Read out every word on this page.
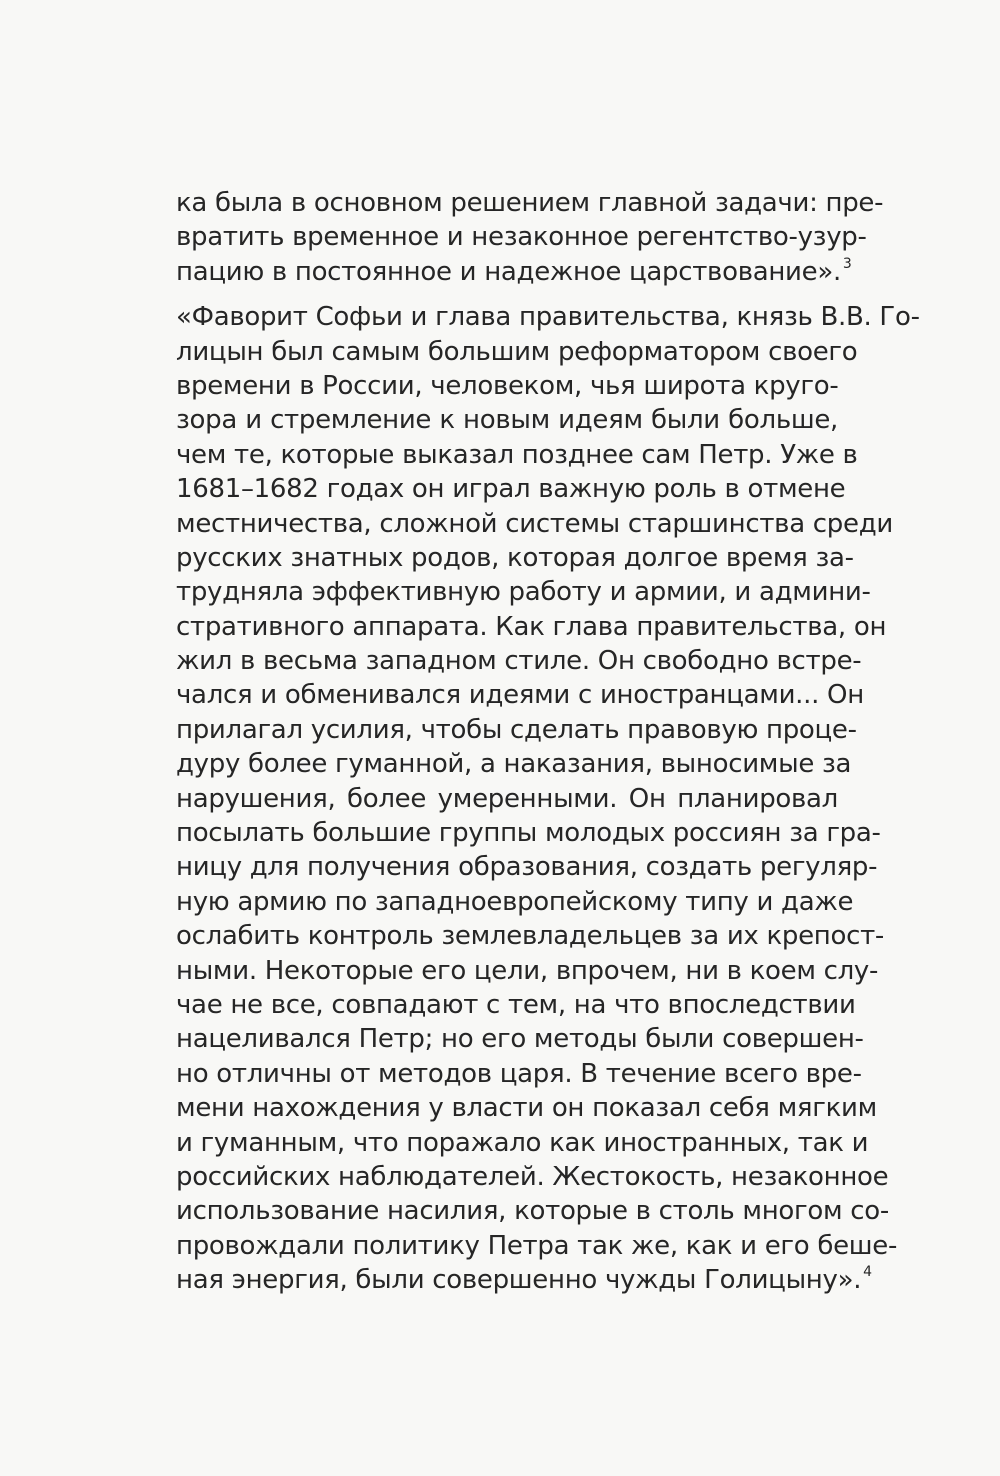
ка была в основном решением главной задачи: пре-
вратить временное и незаконное регентство-узур-
пацию в постоянное и надежное царствование». $^3$
«Фаворит Софьи и глава правительства, князь В.В. Го-
лицын был самым большим реформатором своего
времени в России, человеком, чья широта круго-
зора и стремление к новым идеям были больше,
чем те, которые выказал позднее сам Петр. Уже в
1681–1682 годах он играл важную роль в отмене
местничества, сложной системы старшинства среди
русских знатных родов, которая долгое время за-
трудняла эффективную работу и армии, и админи-
стративного аппарата. Как глава правительства, он
жил в весьма западном стиле. Он свободно встре-
чался и обменивался идеями с иностранцами... Он
прилагал усилия, чтобы сделать правовую проце-
дуру более гуманной, а наказания, выносимые за
нарушения, более умеренными. Он планировал
посылать большие группы молодых россиян за гра-
ницу для получения образования, создать регуляр-
ную армию по западноевропейскому типу и даже
ослабить контроль землевладельцев за их крепост-
ными. Некоторые его цели, впрочем, ни в коем слу-
чае не все, совпадают с тем, на что впоследствии
нацеливался Петр; но его методы были совершен-
но отличны от методов царя. В течение всего вре-
мени нахождения у власти он показал себя мягким
и гуманным, что поражало как иностранных, так и
российских наблюдателей. Жестокость, незаконное
использование насилия, которые в столь многом со-
провождали политику Петра так же, как и его беше-
ная энергия, были совершенно чужды Голицыну». $^4$
